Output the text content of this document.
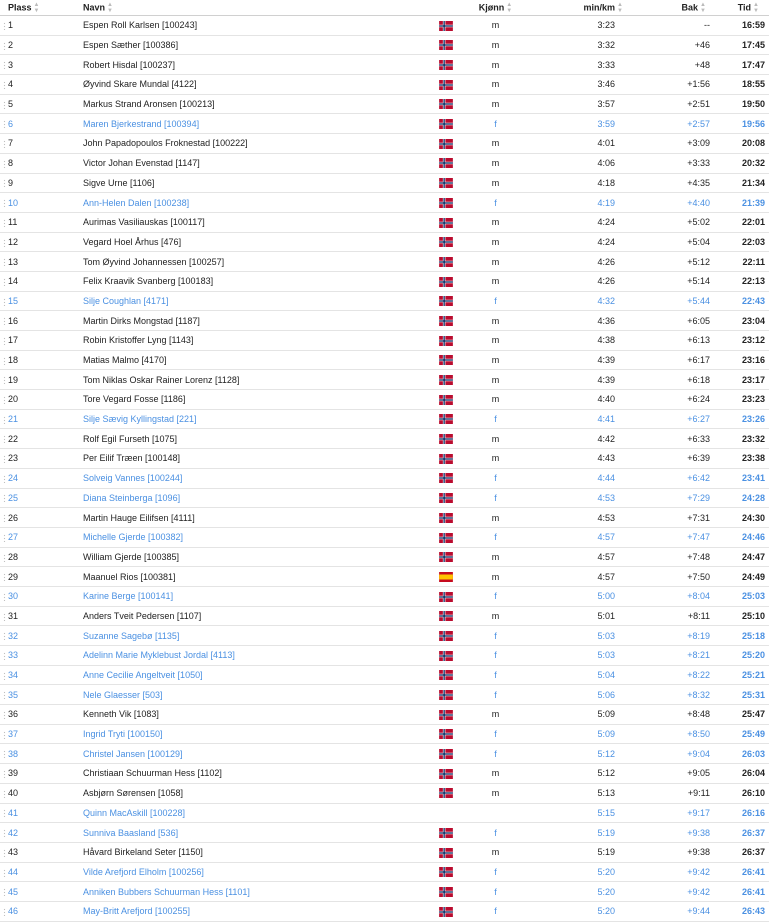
Plass ▲
▼	Navn ▲
▼		Kjønn ▲
▼	min/km ▲
▼	Bak ▲
▼	Tid ▲
▼
1	Espen Roll Karlsen [100243]		m	3:23	--	16:59
2	Espen Sæther [100386]		m	3:32	+46	17:45
3	Robert Hisdal [100237]		m	3:33	+48	17:47
4	Øyvind Skare Mundal [4122]		m	3:46	+1:56	18:55
5	Markus Strand Aronsen [100213]		m	3:57	+2:51	19:50
6	Maren Bjerkestrand [100394]		f	3:59	+2:57	19:56
7	John Papadopoulos Froknestad [100222]		m	4:01	+3:09	20:08
8	Victor Johan Evenstad [1147]		m	4:06	+3:33	20:32
9	Sigve Urne [1106]		m	4:18	+4:35	21:34
10	Ann-Helen Dalen [100238]		f	4:19	+4:40	21:39
11	Aurimas Vasiliauskas [100117]		m	4:24	+5:02	22:01
12	Vegard Hoel Århus [476]		m	4:24	+5:04	22:03
13	Tom Øyvind Johannessen [100257]		m	4:26	+5:12	22:11
14	Felix Kraavik Svanberg [100183]		m	4:26	+5:14	22:13
15	Silje Coughlan [4171]		f	4:32	+5:44	22:43
16	Martin Dirks Mongstad [1187]		m	4:36	+6:05	23:04
17	Robin Kristoffer Lyng [1143]		m	4:38	+6:13	23:12
18	Matias Malmo [4170]		m	4:39	+6:17	23:16
19	Tom Niklas Oskar Rainer Lorenz [1128]		m	4:39	+6:18	23:17
20	Tore Vegard Fosse [1186]		m	4:40	+6:24	23:23
21	Silje Sævig Kyllingstad [221]		f	4:41	+6:27	23:26
22	Rolf Egil Furseth [1075]		m	4:42	+6:33	23:32
23	Per Eilif Træen [100148]		m	4:43	+6:39	23:38
24	Solveig Vannes [100244]		f	4:44	+6:42	23:41
25	Diana Steinberga [1096]		f	4:53	+7:29	24:28
26	Martin Hauge Eilifsen [4111]		m	4:53	+7:31	24:30
27	Michelle Gjerde [100382]		f	4:57	+7:47	24:46
28	William Gjerde [100385]		m	4:57	+7:48	24:47
29	Maanuel Rios [100381]		m	4:57	+7:50	24:49
30	Karine Berge [100141]		f	5:00	+8:04	25:03
31	Anders Tveit Pedersen [1107]		m	5:01	+8:11	25:10
32	Suzanne Sagebø [1135]		f	5:03	+8:19	25:18
33	Adelinn Marie Myklebust Jordal [4113]		f	5:03	+8:21	25:20
34	Anne Cecilie Angeltveit [1050]		f	5:04	+8:22	25:21
35	Nele Glaesser [503]		f	5:06	+8:32	25:31
36	Kenneth Vik [1083]		m	5:09	+8:48	25:47
37	Ingrid Tryti [100150]		f	5:09	+8:50	25:49
38	Christel Jansen [100129]		f	5:12	+9:04	26:03
39	Christiaan Schuurman Hess [1102]		m	5:12	+9:05	26:04
40	Asbjørn Sørensen [1058]		m	5:13	+9:11	26:10
41	Quinn MacAskill [100228]			5:15	+9:17	26:16
42	Sunniva Baasland [536]		f	5:19	+9:38	26:37
43	Håvard Birkeland Seter [1150]		m	5:19	+9:38	26:37
44	Vilde Arefjord Elholm [100256]		f	5:20	+9:42	26:41
45	Anniken Bubbers Schuurman Hess [1101]		f	5:20	+9:42	26:41
46	May-Britt Arefjord [100255]		f	5:20	+9:44	26:43
